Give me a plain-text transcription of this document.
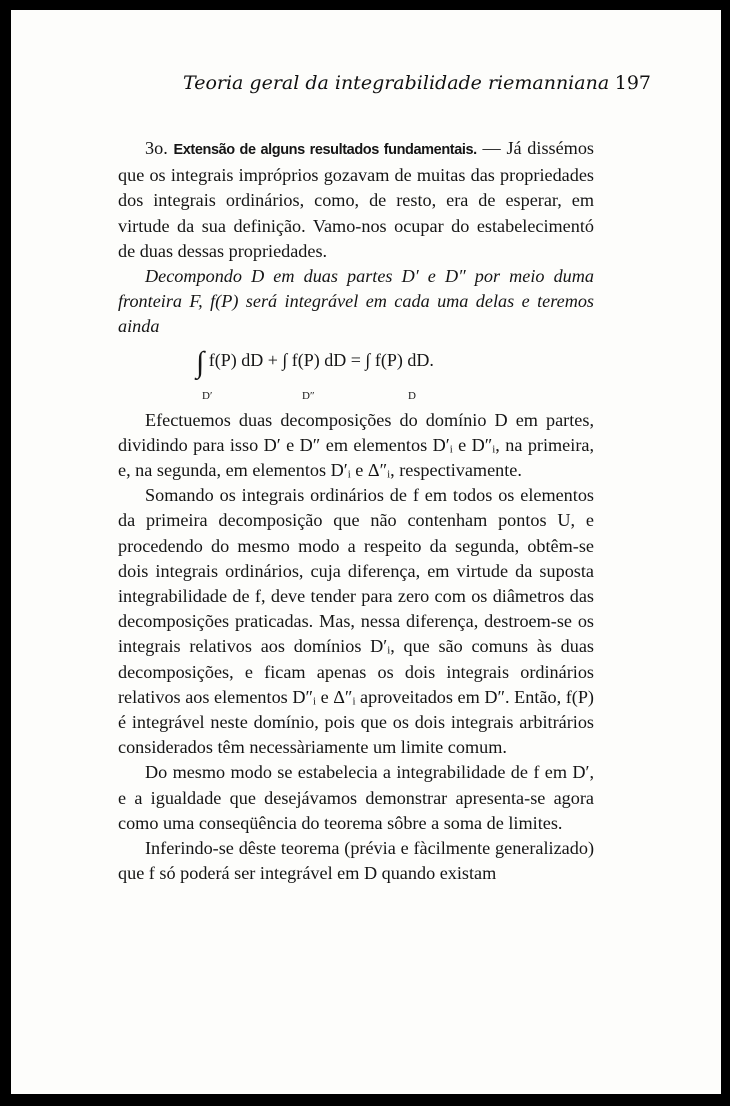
Teoria geral da integrabilidade riemanniana 197

3o. Extensão de alguns resultados fundamentais. — Já dissémos que os integrais impróprios gozavam de muitas das propriedades dos integrais ordinários, como, de resto, era de esperar, em virtude da sua definição. Vamo-nos ocupar do estabelecimentó de duas dessas propriedades.

Decompondo D em duas partes D′ e D″ por meio duma fronteira F, f(P) será integrável em cada uma delas e teremos ainda

∫ f(P) dD + ∫ f(P) dD = ∫ f(P) dD.
D′	D″	D

Efectuemos duas decomposições do domínio D em partes, dividindo para isso D′ e D″ em elementos D′ᵢ e D″ᵢ, na primeira, e, na segunda, em elementos D′ᵢ e Δ″ᵢ, respectivamente.

Somando os integrais ordinários de f em todos os elementos da primeira decomposição que não contenham pontos U, e procedendo do mesmo modo a respeito da segunda, obtêm-se dois integrais ordinários, cuja diferença, em virtude da suposta integrabilidade de f, deve tender para zero com os diâmetros das decomposições praticadas. Mas, nessa diferença, destroem-se os integrais relativos aos domínios D′ᵢ, que são comuns às duas decomposições, e ficam apenas os dois integrais ordinários relativos aos elementos D″ᵢ e Δ″ᵢ aproveitados em D″. Então, f(P) é integrável neste domínio, pois que os dois integrais arbitrários considerados têm necessàriamente um limite comum.

Do mesmo modo se estabelecia a integrabilidade de f em D′, e a igualdade que desejávamos demonstrar apresenta-se agora como uma conseqüência do teorema sôbre a soma de limites.

Inferindo-se dêste teorema (prévia e fàcilmente generalizado) que f só poderá ser integrável em D quando existam
